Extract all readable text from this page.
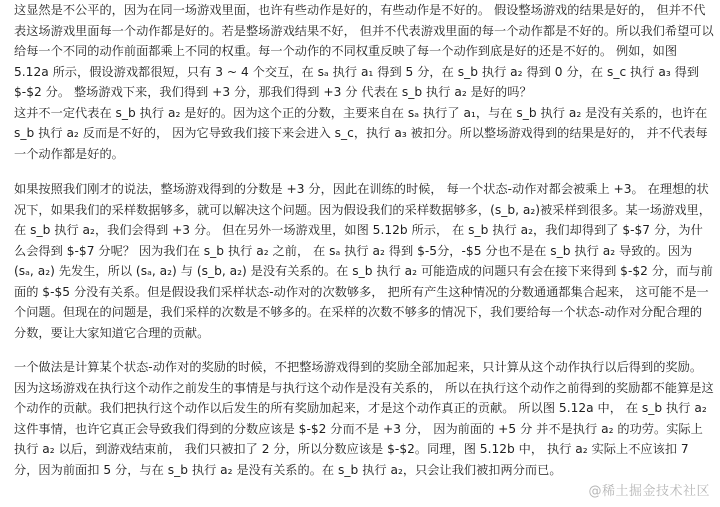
这显然是不公平的，因为在同一场游戏里面，也许有些动作是好的，有些动作是不好的。 假设整场游戏的结果是好的， 但并不代表这场游戏里面每一个动作都是好的。若是整场游戏结果不好， 但并不代表游戏里面的每一个动作都是不好的。所以我们希望可以给每一个不同的动作前面都乘上不同的权重。每一个动作的不同权重反映了每一个动作到底是好的还是不好的。 例如，如图 5.12a 所示，假设游戏都很短，只有 3 ~ 4 个交互，在 sₐ 执行 a₁ 得到 5 分，在 s_b 执行 a₂ 得到 0 分，在 s_c 执行 a₃ 得到 $-$2 分。 整场游戏下来，我们得到 +3 分，那我们得到 +3 分 代表在 s_b 执行 a₂ 是好的吗？

这并不一定代表在 s_b 执行 a₂ 是好的。因为这个正的分数，主要来自在 sₐ 执行了 a₁，与在 s_b 执行 a₂ 是没有关系的，也许在 s_b 执行 a₂ 反而是不好的， 因为它导致我们接下来会进入 s_c，执行 a₃ 被扣分。所以整场游戏得到的结果是好的， 并不代表每一个动作都是好的。

如果按照我们刚才的说法，整场游戏得到的分数是 +3 分，因此在训练的时候， 每一个状态-动作对都会被乘上 +3。 在理想的状况下，如果我们的采样数据够多，就可以解决这个问题。因为假设我们的采样数据够多，(s_b, a₂)被采样到很多。某一场游戏里，在 s_b 执行 a₂，我们会得到 +3 分。 但在另外一场游戏里，如图 5.12b 所示， 在 s_b 执行 a₂，我们却得到了 $-$7 分，为什么会得到 $-$7 分呢？ 因为我们在 s_b 执行 a₂ 之前， 在 sₐ 执行 a₂ 得到 $-5分，-$5 分也不是在 s_b 执行 a₂ 导致的。因为 (sₐ, a₂) 先发生，所以 (sₐ, a₂) 与 (s_b, a₂) 是没有关系的。在 s_b 执行 a₂ 可能造成的问题只有会在接下来得到 $-$2 分，而与前面的 $-$5 分没有关系。但是假设我们采样状态-动作对的次数够多， 把所有产生这种情况的分数通通都集合起来， 这可能不是一个问题。但现在的问题是，我们采样的次数是不够多的。在采样的次数不够多的情况下，我们要给每一个状态-动作对分配合理的分数，要让大家知道它合理的贡献。

一个做法是计算某个状态-动作对的奖励的时候，不把整场游戏得到的奖励全部加起来，只计算从这个动作执行以后得到的奖励。因为这场游戏在执行这个动作之前发生的事情是与执行这个动作是没有关系的， 所以在执行这个动作之前得到的奖励都不能算是这个动作的贡献。我们把执行这个动作以后发生的所有奖励加起来，才是这个动作真正的贡献。 所以图 5.12a 中， 在 s_b 执行 a₂ 这件事情，也许它真正会导致我们得到的分数应该是 $-$2 分而不是 +3 分， 因为前面的 +5 分 并不是执行 a₂ 的功劳。实际上执行 a₂ 以后，到游戏结束前， 我们只被扣了 2 分，所以分数应该是 $-$2。同理，图 5.12b 中， 执行 a₂ 实际上不应该扣 7 分，因为前面扣 5 分，与在 s_b 执行 a₂ 是没有关系的。在 s_b 执行 a₂，只会让我们被扣两分而已。

@稀土掘金技术社区
